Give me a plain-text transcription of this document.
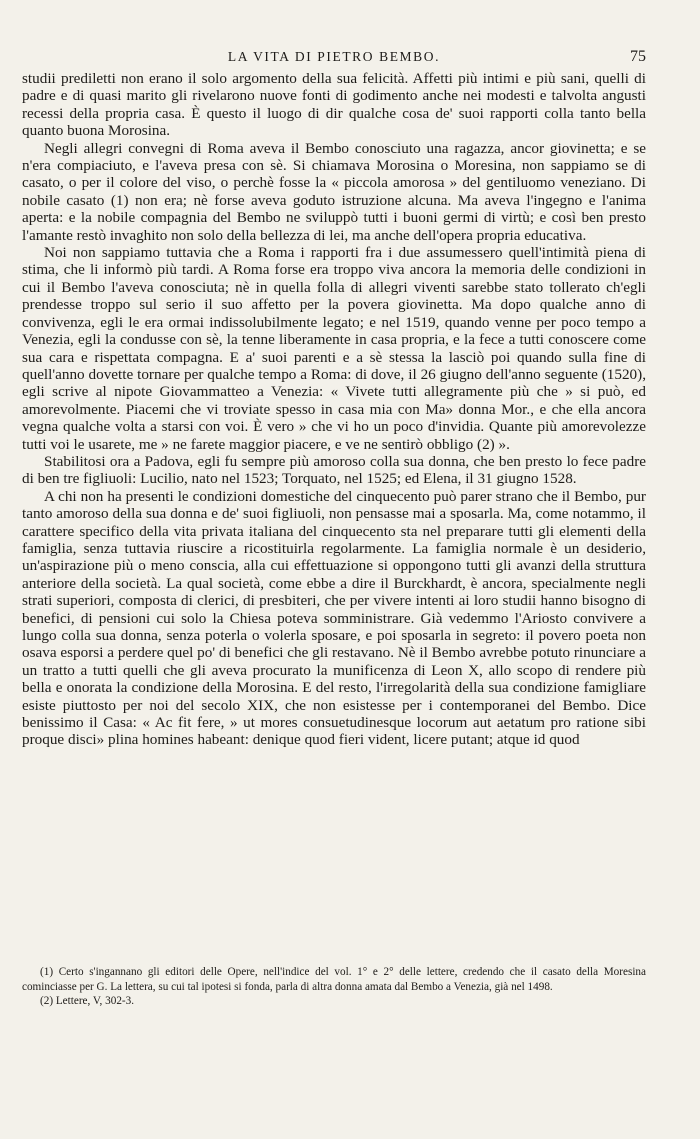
LA VITA DI PIETRO BEMBO.	75

studii prediletti non erano il solo argomento della sua felicità. Affetti più intimi e più sani, quelli di padre e di quasi marito gli rivelarono nuove fonti di godimento anche nei modesti e talvolta angusti recessi della propria casa. È questo il luogo di dir qualche cosa de' suoi rapporti colla tanto bella quanto buona Morosina.

Negli allegri convegni di Roma aveva il Bembo conosciuto una ragazza, ancor giovinetta; e se n'era compiaciuto, e l'aveva presa con sè. Si chiamava Morosina o Moresina, non sappiamo se di casato, o per il colore del viso, o perchè fosse la « piccola amorosa » del gentiluomo veneziano. Di nobile casato (1) non era; nè forse aveva goduto istruzione alcuna. Ma aveva l'ingegno e l'anima aperta: e la nobile compagnia del Bembo ne sviluppò tutti i buoni germi di virtù; e così ben presto l'amante restò invaghito non solo della bellezza di lei, ma anche dell'opera propria educativa.

Noi non sappiamo tuttavia che a Roma i rapporti fra i due assumessero quell'intimità piena di stima, che li informò più tardi. A Roma forse era troppo viva ancora la memoria delle condizioni in cui il Bembo l'aveva conosciuta; nè in quella folla di allegri viventi sarebbe stato tollerato ch'egli prendesse troppo sul serio il suo affetto per la povera giovinetta. Ma dopo qualche anno di convivenza, egli le era ormai indissolubilmente legato; e nel 1519, quando venne per poco tempo a Venezia, egli la condusse con sè, la tenne liberamente in casa propria, e la fece a tutti conoscere come sua cara e rispettata compagna. E a' suoi parenti e a sè stessa la lasciò poi quando sulla fine di quell'anno dovette tornare per qualche tempo a Roma: di dove, il 26 giugno dell'anno seguente (1520), egli scrive al nipote Giovammatteo a Venezia: « Vivete tutti allegramente più che » si può, ed amorevolmente. Piacemi che vi troviate spesso in casa mia con Ma» donna Mor., e che ella ancora vegna qualche volta a starsi con voi. È vero » che vi ho un poco d'invidia. Quante più amorevolezze tutti voi le usarete, me » ne farete maggior piacere, e ve ne sentirò obbligo (2) ».

Stabilitosi ora a Padova, egli fu sempre più amoroso colla sua donna, che ben presto lo fece padre di ben tre figliuoli: Lucilio, nato nel 1523; Torquato, nel 1525; ed Elena, il 31 giugno 1528.

A chi non ha presenti le condizioni domestiche del cinquecento può parer strano che il Bembo, pur tanto amoroso della sua donna e de' suoi figliuoli, non pensasse mai a sposarla. Ma, come notammo, il carattere specifico della vita privata italiana del cinquecento sta nel preparare tutti gli elementi della famiglia, senza tuttavia riuscire a ricostituirla regolarmente. La famiglia normale è un desiderio, un'aspirazione più o meno conscia, alla cui effettuazione si oppongono tutti gli avanzi della struttura anteriore della società. La qual società, come ebbe a dire il Burckhardt, è ancora, specialmente negli strati superiori, composta di clerici, di presbiteri, che per vivere intenti ai loro studii hanno bisogno di benefici, di pensioni cui solo la Chiesa poteva somministrare. Già vedemmo l'Ariosto convivere a lungo colla sua donna, senza poterla o volerla sposare, e poi sposarla in segreto: il povero poeta non osava esporsi a perdere quel po' di benefici che gli restavano. Nè il Bembo avrebbe potuto rinunciare a un tratto a tutti quelli che gli aveva procurato la munificenza di Leon X, allo scopo di rendere più bella e onorata la condizione della Morosina. E del resto, l'irregolarità della sua condizione famigliare esiste piuttosto per noi del secolo XIX, che non esistesse per i contemporanei del Bembo. Dice benissimo il Casa: « Ac fit fere, » ut mores consuetudinesque locorum aut aetatum pro ratione sibi proque disci» plina homines habeant: denique quod fieri vident, licere putant; atque id quod

(1) Certo s'ingannano gli editori delle Opere, nell'indice del vol. 1° e 2° delle lettere, credendo che il casato della Moresina cominciasse per G. La lettera, su cui tal ipotesi si fonda, parla di altra donna amata dal Bembo a Venezia, già nel 1498.

(2) Lettere, V, 302-3.
